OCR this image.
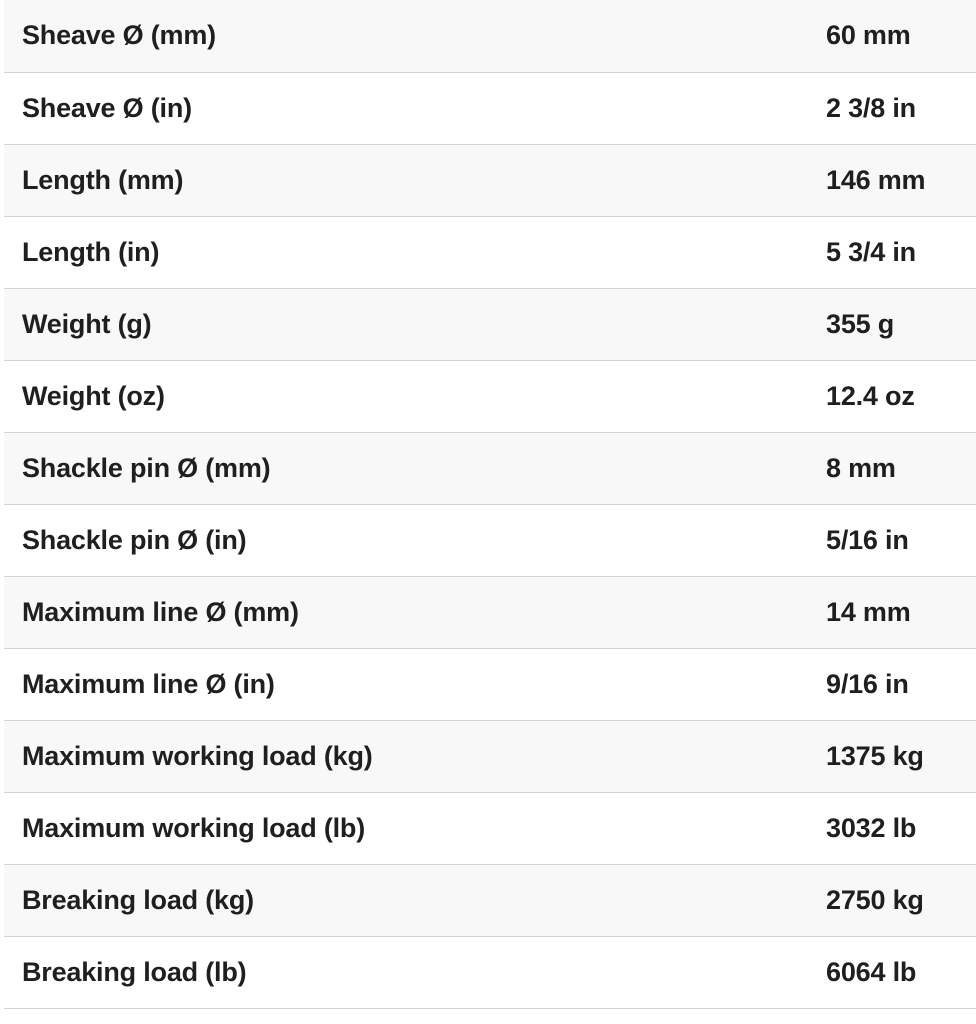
Sheave Ø (mm)	60 mm
Sheave Ø (in)	2 3/8 in
Length (mm)	146 mm
Length (in)	5 3/4 in
Weight (g)	355 g
Weight (oz)	12.4 oz
Shackle pin Ø (mm)	8 mm
Shackle pin Ø (in)	5/16 in
Maximum line Ø (mm)	14 mm
Maximum line Ø (in)	9/16 in
Maximum working load (kg)	1375 kg
Maximum working load (lb)	3032 lb
Breaking load (kg)	2750 kg
Breaking load (lb)	6064 lb
